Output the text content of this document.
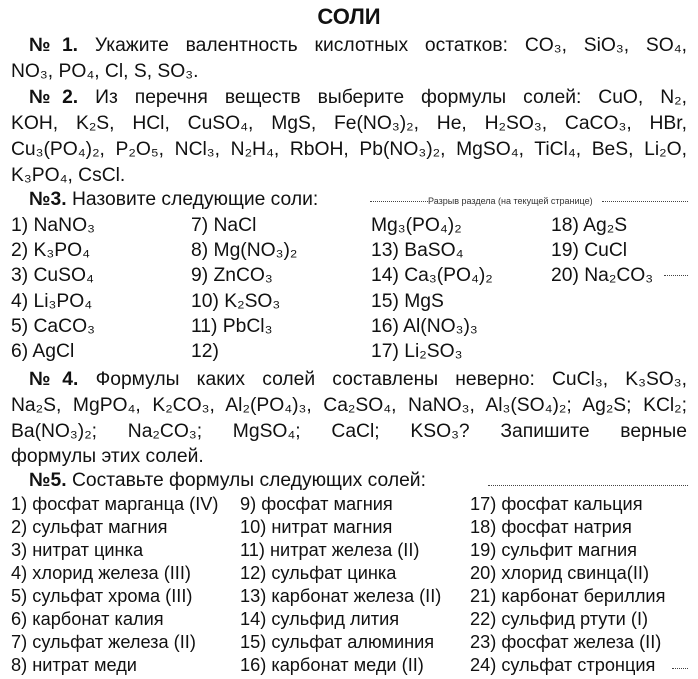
СОЛИ
№1. Укажите валентность кислотных остатков: CO₃, SiO₃, SO₄,
NO₃, PO₄, Cl, S, SO₃.
№2. Из перечня веществ выберите формулы солей: CuO, N₂,
KOH, K₂S, HCl, CuSO₄, MgS, Fe(NO₃)₂, He, H₂SO₃, CaCO₃, HBr,
Cu₃(PO₄)₂, P₂O₅, NCl₃, N₂H₄, RbOH, Pb(NO₃)₂, MgSO₄, TiCl₄, BeS, Li₂O,
K₃PO₄, CsCl.
№3. Назовите следующие соли:	Разрыв раздела (на текущей странице)
1) NaNO₃
2) K₃PO₄
3) CuSO₄
4) Li₃PO₄
5) CaCO₃
6) AgCl
7) NaCl
8) Mg(NO₃)₂
9) ZnCO₃
10) K₂SO₃
11) PbCl₃
12)
Mg₃(PO₄)₂
13) BaSO₄
14) Ca₃(PO₄)₂
15) MgS
16) Al(NO₃)₃
17) Li₂SO₃
18) Ag₂S
19) CuCl
20) Na₂CO₃
№4. Формулы каких солей составлены неверно: CuCl₃, K₃SO₃,
Na₂S, MgPO₄, K₂CO₃, Al₂(PO₄)₃, Ca₂SO₄, NaNO₃, Al₃(SO₄)₂; Ag₂S; KCl₂;
Ba(NO₃)₂; Na₂CO₃; MgSO₄; CaCl; KSO₃? Запишите верные
формулы этих солей.
№5. Составьте формулы следующих солей:
1) фосфат марганца (IV)
2) сульфат магния
3) нитрат цинка
4) хлорид железа (III)
5) сульфат хрома (III)
6) карбонат калия
7) сульфат железа (II)
8) нитрат меди
9) фосфат магния
10) нитрат магния
11) нитрат железа (II)
12) сульфат цинка
13) карбонат железа (II)
14) сульфид лития
15) сульфат алюминия
16) карбонат меди (II)
17) фосфат кальция
18) фосфат натрия
19) сульфит магния
20) хлорид свинца(II)
21) карбонат бериллия
22) сульфид ртути (I)
23) фосфат железа (II)
24) сульфат стронция
